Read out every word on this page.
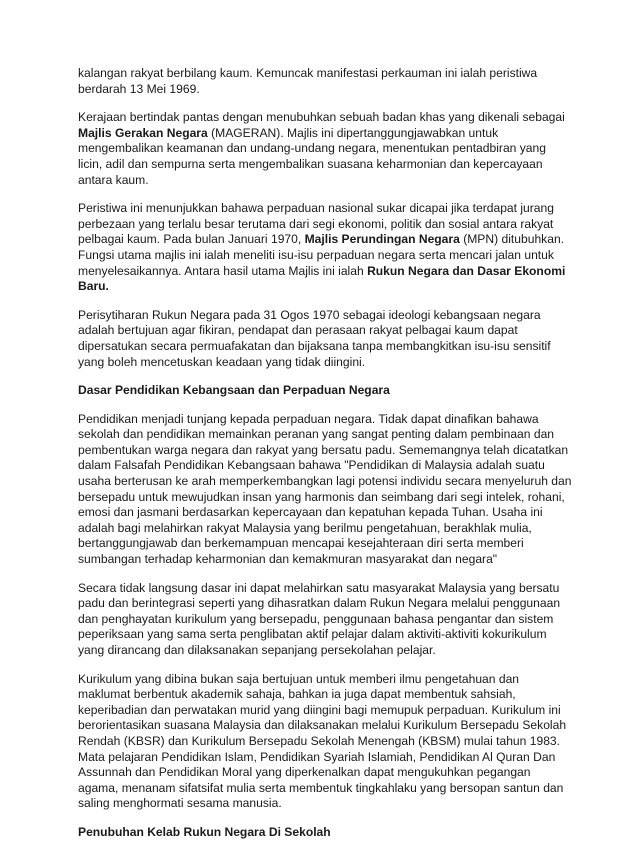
kalangan rakyat berbilang kaum. Kemuncak manifestasi perkauman ini ialah peristiwa berdarah 13 Mei 1969.

Kerajaan bertindak pantas dengan menubuhkan sebuah badan khas yang dikenali sebagai Majlis Gerakan Negara (MAGERAN). Majlis ini dipertanggungjawabkan untuk mengembalikan keamanan dan undang-undang negara, menentukan pentadbiran yang licin, adil dan sempurna serta mengembalikan suasana keharmonian dan kepercayaan antara kaum.

Peristiwa ini menunjukkan bahawa perpaduan nasional sukar dicapai jika terdapat jurang perbezaan yang terlalu besar terutama dari segi ekonomi, politik dan sosial antara rakyat pelbagai kaum. Pada bulan Januari 1970, Majlis Perundingan Negara (MPN) ditubuhkan. Fungsi utama majlis ini ialah meneliti isu-isu perpaduan negara serta mencari jalan untuk menyelesaikannya. Antara hasil utama Majlis ini ialah Rukun Negara dan Dasar Ekonomi Baru.

Perisytiharan Rukun Negara pada 31 Ogos 1970 sebagai ideologi kebangsaan negara adalah bertujuan agar fikiran, pendapat dan perasaan rakyat pelbagai kaum dapat dipersatukan secara permuafakatan dan bijaksana tanpa membangkitkan isu-isu sensitif yang boleh mencetuskan keadaan yang tidak diingini.

Dasar Pendidikan Kebangsaan dan Perpaduan Negara

Pendidikan menjadi tunjang kepada perpaduan negara. Tidak dapat dinafikan bahawa sekolah dan pendidikan memainkan peranan yang sangat penting dalam pembinaan dan pembentukan warga negara dan rakyat yang bersatu padu. Sememangnya telah dicatatkan dalam Falsafah Pendidikan Kebangsaan bahawa "Pendidikan di Malaysia adalah suatu usaha berterusan ke arah memperkembangkan lagi potensi individu secara menyeluruh dan bersepadu untuk mewujudkan insan yang harmonis dan seimbang dari segi intelek, rohani, emosi dan jasmani berdasarkan kepercayaan dan kepatuhan kepada Tuhan. Usaha ini adalah bagi melahirkan rakyat Malaysia yang berilmu pengetahuan, berakhlak mulia, bertanggungjawab dan berkemampuan mencapai kesejahteraan diri serta memberi sumbangan terhadap keharmonian dan kemakmuran masyarakat dan negara"

Secara tidak langsung dasar ini dapat melahirkan satu masyarakat Malaysia yang bersatu padu dan berintegrasi seperti yang dihasratkan dalam Rukun Negara melalui penggunaan dan penghayatan kurikulum yang bersepadu, penggunaan bahasa pengantar dan sistem peperiksaan yang sama serta penglibatan aktif pelajar dalam aktiviti-aktiviti kokurikulum yang dirancang dan dilaksanakan sepanjang persekolahan pelajar.

Kurikulum yang dibina bukan saja bertujuan untuk memberi ilmu pengetahuan dan maklumat berbentuk akademik sahaja, bahkan ia juga dapat membentuk sahsiah, keperibadian dan perwatakan murid yang diingini bagi memupuk perpaduan. Kurikulum ini berorientasikan suasana Malaysia dan dilaksanakan melalui Kurikulum Bersepadu Sekolah Rendah (KBSR) dan Kurikulum Bersepadu Sekolah Menengah (KBSM) mulai tahun 1983. Mata pelajaran Pendidikan Islam, Pendidikan Syariah Islamiah, Pendidikan Al Quran Dan Assunnah dan Pendidikan Moral yang diperkenalkan dapat mengukuhkan pegangan agama, menanam sifatsifat mulia serta membentuk tingkahlaku yang bersopan santun dan saling menghormati sesama manusia.

Penubuhan Kelab Rukun Negara Di Sekolah
